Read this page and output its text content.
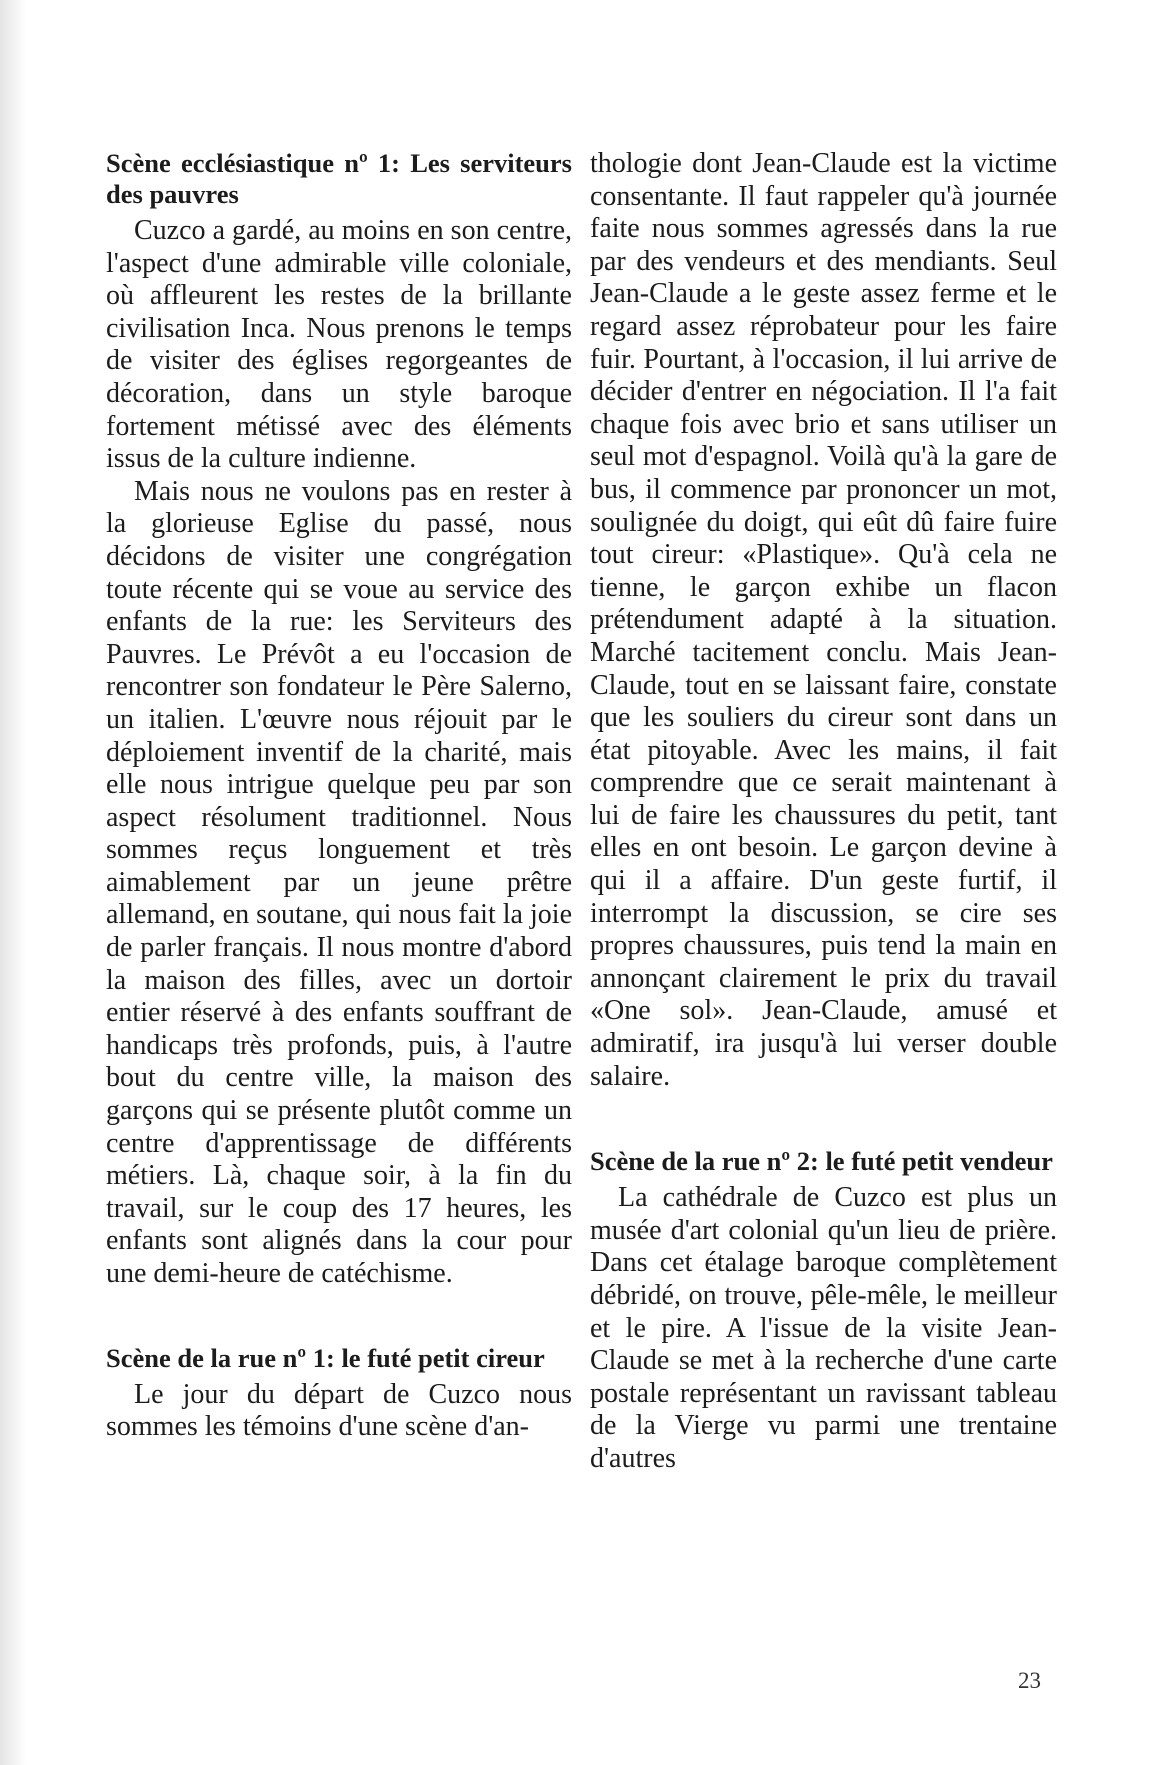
Scène ecclésiastique nº 1: Les serviteurs des pauvres

Cuzco a gardé, au moins en son centre, l'aspect d'une admirable ville coloniale, où affleurent les restes de la brillante civilisation Inca. Nous prenons le temps de visiter des églises regorgeantes de décoration, dans un style baroque fortement métissé avec des éléments issus de la culture indienne.

Mais nous ne voulons pas en rester à la glorieuse Eglise du passé, nous décidons de visiter une congrégation toute récente qui se voue au service des enfants de la rue: les Serviteurs des Pauvres. Le Prévôt a eu l'occasion de rencontrer son fondateur le Père Salerno, un italien. L'œuvre nous réjouit par le déploiement inventif de la charité, mais elle nous intrigue quelque peu par son aspect résolument traditionnel. Nous sommes reçus longuement et très aimablement par un jeune prêtre allemand, en soutane, qui nous fait la joie de parler français. Il nous montre d'abord la maison des filles, avec un dortoir entier réservé à des enfants souffrant de handicaps très profonds, puis, à l'autre bout du centre ville, la maison des garçons qui se présente plutôt comme un centre d'apprentissage de différents métiers. Là, chaque soir, à la fin du travail, sur le coup des 17 heures, les enfants sont alignés dans la cour pour une demi-heure de catéchisme.

Scène de la rue nº 1: le futé petit cireur

Le jour du départ de Cuzco nous sommes les témoins d'une scène d'an-

thologie dont Jean-Claude est la victime consentante. Il faut rappeler qu'à journée faite nous sommes agressés dans la rue par des vendeurs et des mendiants. Seul Jean-Claude a le geste assez ferme et le regard assez réprobateur pour les faire fuir. Pourtant, à l'occasion, il lui arrive de décider d'entrer en négociation. Il l'a fait chaque fois avec brio et sans utiliser un seul mot d'espagnol. Voilà qu'à la gare de bus, il commence par prononcer un mot, soulignée du doigt, qui eût dû faire fuire tout cireur: «Plastique». Qu'à cela ne tienne, le garçon exhibe un flacon prétendument adapté à la situation. Marché tacitement conclu. Mais Jean-Claude, tout en se laissant faire, constate que les souliers du cireur sont dans un état pitoyable. Avec les mains, il fait comprendre que ce serait maintenant à lui de faire les chaussures du petit, tant elles en ont besoin. Le garçon devine à qui il a affaire. D'un geste furtif, il interrompt la discussion, se cire ses propres chaussures, puis tend la main en annonçant clairement le prix du travail «One sol». Jean-Claude, amusé et admiratif, ira jusqu'à lui verser double salaire.

Scène de la rue nº 2: le futé petit vendeur

La cathédrale de Cuzco est plus un musée d'art colonial qu'un lieu de prière. Dans cet étalage baroque complètement débridé, on trouve, pêle-mêle, le meilleur et le pire. A l'issue de la visite Jean-Claude se met à la recherche d'une carte postale représentant un ravissant tableau de la Vierge vu parmi une trentaine d'autres

23
